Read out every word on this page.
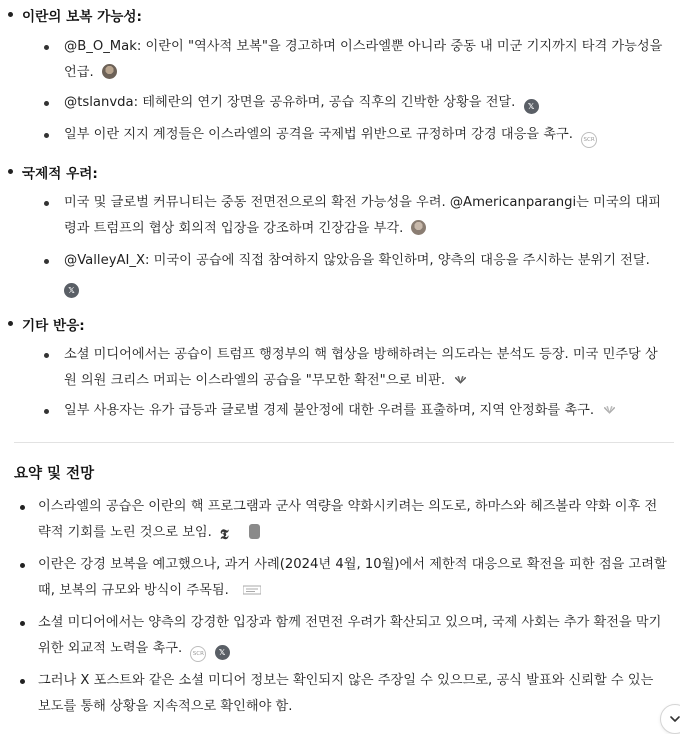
이란의 보복 가능성:
@B_O_Mak: 이란이 "역사적 보복"을 경고하며 이스라엘뿐 아니라 중동 내 미군 기지까지 타격 가능성을
언급.
@tslanvda: 테헤란의 연기 장면을 공유하며, 공습 직후의 긴박한 상황을 전달. 𝕏
일부 이란 지지 계정들은 이스라엘의 공격을 국제법 위반으로 규정하며 강경 대응을 촉구. SCR
국제적 우려:
미국 및 글로벌 커뮤니티는 중동 전면전으로의 확전 가능성을 우려. @Americanparangi는 미국의 대피
령과 트럼프의 협상 회의적 입장을 강조하며 긴장감을 부각.
@ValleyAI_X: 미국이 공습에 직접 참여하지 않았음을 확인하며, 양측의 대응을 주시하는 분위기 전달.
𝕏
기타 반응:
소셜 미디어에서는 공습이 트럼프 행정부의 핵 협상을 방해하려는 의도라는 분석도 등장. 미국 민주당 상
원 의원 크리스 머피는 이스라엘의 공습을 "무모한 확전"으로 비판.
일부 사용자는 유가 급등과 글로벌 경제 불안정에 대한 우려를 표출하며, 지역 안정화를 촉구.
요약 및 전망
이스라엘의 공습은 이란의 핵 프로그램과 군사 역량을 약화시키려는 의도로, 하마스와 헤즈볼라 약화 이후 전
략적 기회를 노린 것으로 보임. 𝕿
이란은 강경 보복을 예고했으나, 과거 사례(2024년 4월, 10월)에서 제한적 대응으로 확전을 피한 점을 고려할
때, 보복의 규모와 방식이 주목됨.
소셜 미디어에서는 양측의 강경한 입장과 함께 전면전 우려가 확산되고 있으며, 국제 사회는 추가 확전을 막기
위한 외교적 노력을 촉구. SCR 𝕏
그러나 X 포스트와 같은 소셜 미디어 정보는 확인되지 않은 주장일 수 있으므로, 공식 발표와 신뢰할 수 있는
보도를 통해 상황을 지속적으로 확인해야 함.
